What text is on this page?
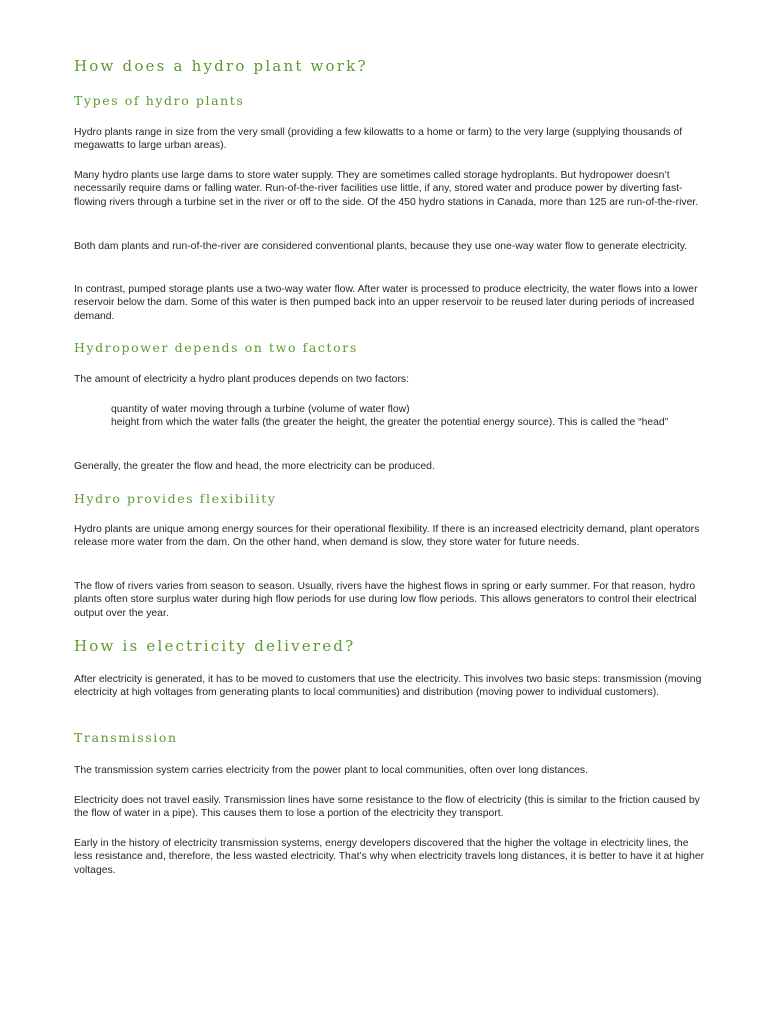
How does a hydro plant work?
Types of hydro plants

Hydro plants range in size from the very small (providing a few kilowatts to a home or farm) to the very large (supplying thousands of megawatts to large urban areas).

Many hydro plants use large dams to store water supply. They are sometimes called storage hydroplants. But hydropower doesn’t necessarily require dams or falling water. Run-of-the-river facilities use little, if any, stored water and produce power by diverting fast-flowing rivers through a turbine set in the river or off to the side. Of the 450 hydro stations in Canada, more than 125 are run-of-the-river.

Both dam plants and run-of-the-river are considered conventional plants, because they use one-way water flow to generate electricity.

In contrast, pumped storage plants use a two-way water flow. After water is processed to produce electricity, the water flows into a lower reservoir below the dam. Some of this water is then pumped back into an upper reservoir to be reused later during periods of increased demand.

Hydropower depends on two factors

The amount of electricity a hydro plant produces depends on two factors:

quantity of water moving through a turbine (volume of water flow)
height from which the water falls (the greater the height, the greater the potential energy source). This is called the “head”

Generally, the greater the flow and head, the more electricity can be produced.

Hydro provides flexibility

Hydro plants are unique among energy sources for their operational flexibility. If there is an increased electricity demand, plant operators release more water from the dam. On the other hand, when demand is slow, they store water for future needs.

The flow of rivers varies from season to season. Usually, rivers have the highest flows in spring or early summer. For that reason, hydro plants often store surplus water during high flow periods for use during low flow periods. This allows generators to control their electrical output over the year.

How is electricity delivered?

After electricity is generated, it has to be moved to customers that use the electricity. This involves two basic steps: transmission (moving electricity at high voltages from generating plants to local communities) and distribution (moving power to individual customers).

Transmission

The transmission system carries electricity from the power plant to local communities, often over long distances.

Electricity does not travel easily. Transmission lines have some resistance to the flow of electricity (this is similar to the friction caused by the flow of water in a pipe). This causes them to lose a portion of the electricity they transport.

Early in the history of electricity transmission systems, energy developers discovered that the higher the voltage in electricity lines, the less resistance and, therefore, the less wasted electricity. That’s why when electricity travels long distances, it is better to have it at higher voltages.
